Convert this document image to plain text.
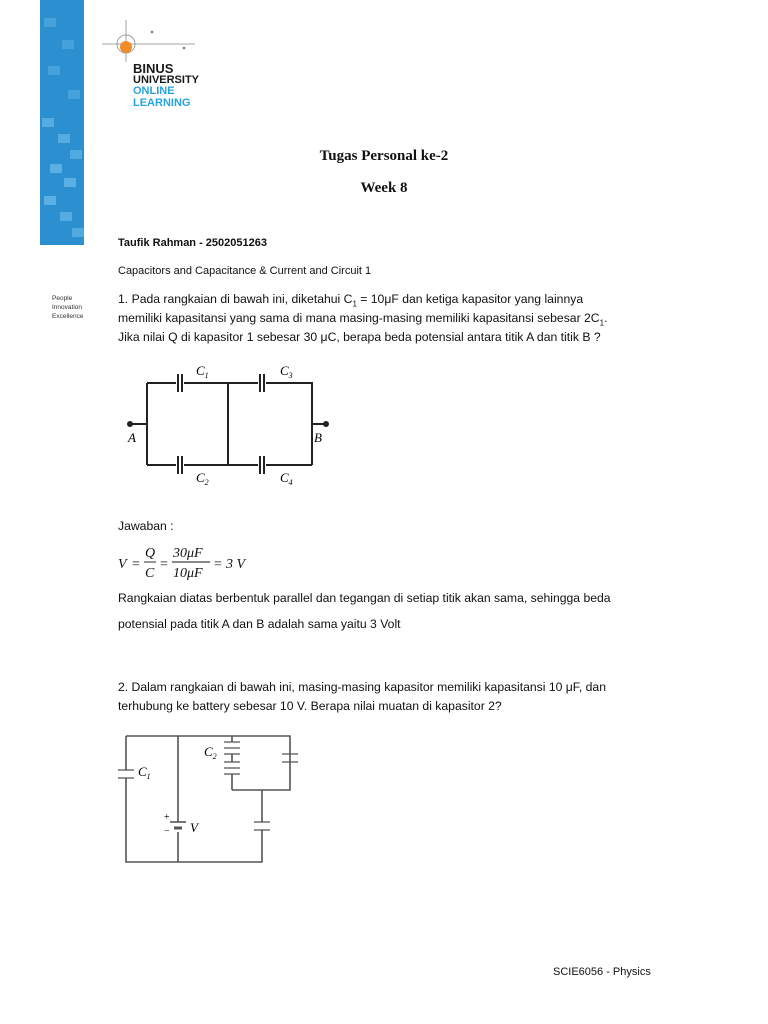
People
Innovation
Excellence
BINUS
UNIVERSITY
ONLINE
LEARNING
Tugas Personal ke-2
Week 8
Taufik Rahman - 2502051263
Capacitors and Capacitance & Current and Circuit 1
1. Pada rangkaian di bawah ini, diketahui $C_1 = 10\mu F$ dan ketiga kapasitor yang lainnya
memiliki kapasitansi yang sama di mana masing-masing memiliki kapasitansi sebesar $2C_1$.
Jika nilai Q di kapasitor 1 sebesar 30 μC, berapa beda potensial antara titik A dan titik B ?
$C_1$	$C_3$
$C_2$	$C_4$
A	B
Jawaban :
V =
Q
C
=
30μF
10μF
= 3 V
Rangkaian diatas berbentuk parallel dan tegangan di setiap titik akan sama, sehingga beda
potensial pada titik A dan B adalah sama yaitu 3 Volt
2. Dalam rangkaian di bawah ini, masing-masing kapasitor memiliki kapasitansi 10 μF, dan
terhubung ke battery sebesar 10 V. Berapa nilai muatan di kapasitor 2?
$C_1$
$C_2$
V
+
−
SCIE6056 - Physics
